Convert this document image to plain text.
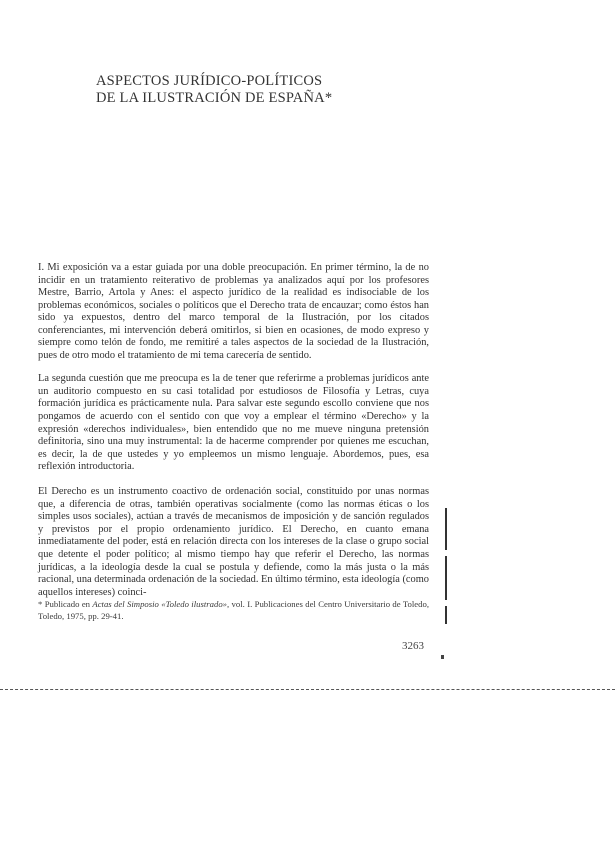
ASPECTOS JURÍDICO-POLÍTICOS
DE LA ILUSTRACIÓN DE ESPAÑA*

I. Mi exposición va a estar guiada por una doble preocupación. En primer término, la de no incidir en un tratamiento reiterativo de problemas ya analizados aquí por los profesores Mestre, Barrio, Artola y Anes: el aspecto jurídico de la realidad es indisociable de los problemas económicos, sociales o políticos que el Derecho trata de encauzar; como éstos han sido ya expuestos, dentro del marco temporal de la Ilustración, por los citados conferenciantes, mi intervención deberá omitirlos, si bien en ocasiones, de modo expreso y siempre como telón de fondo, me remitiré a tales aspectos de la sociedad de la Ilustración, pues de otro modo el tratamiento de mi tema carecería de sentido.

La segunda cuestión que me preocupa es la de tener que referirme a problemas jurídicos ante un auditorio compuesto en su casi totalidad por estudiosos de Filosofía y Letras, cuya formación jurídica es prácticamente nula. Para salvar este segundo escollo conviene que nos pongamos de acuerdo con el sentido con que voy a emplear el término «Derecho» y la expresión «derechos individuales», bien entendido que no me mueve ninguna pretensión definitoria, sino una muy instrumental: la de hacerme comprender por quienes me escuchan, es decir, la de que ustedes y yo empleemos un mismo lenguaje. Abordemos, pues, esa reflexión introductoria.

El Derecho es un instrumento coactivo de ordenación social, constituido por unas normas que, a diferencia de otras, también operativas socialmente (como las normas éticas o los simples usos sociales), actúan a través de mecanismos de imposición y de sanción regulados y previstos por el propio ordenamiento jurídico. El Derecho, en cuanto emana inmediatamente del poder, está en relación directa con los intereses de la clase o grupo social que detente el poder político; al mismo tiempo hay que referir el Derecho, las normas jurídicas, a la ideología desde la cual se postula y defiende, como la más justa o la más racional, una determinada ordenación de la sociedad. En último término, esta ideología (como aquellos intereses) coinci-

* Publicado en Actas del Simposio «Toledo ilustrado», vol. I. Publicaciones del Centro Universitario de Toledo, Toledo, 1975, pp. 29-41.
3263
